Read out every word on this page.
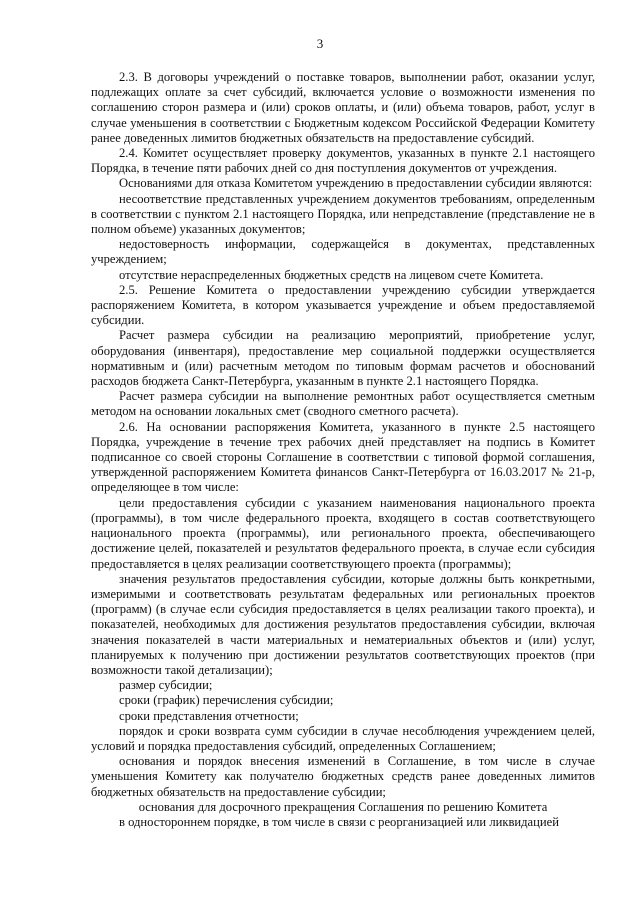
3

2.3. В договоры учреждений о поставке товаров, выполнении работ, оказании услуг, подлежащих оплате за счет субсидий, включается условие о возможности изменения по соглашению сторон размера и (или) сроков оплаты, и (или) объема товаров, работ, услуг в случае уменьшения в соответствии с Бюджетным кодексом Российской Федерации Комитету ранее доведенных лимитов бюджетных обязательств на предоставление субсидий.

2.4. Комитет осуществляет проверку документов, указанных в пункте 2.1 настоящего Порядка, в течение пяти рабочих дней со дня поступления документов от учреждения.

Основаниями для отказа Комитетом учреждению в предоставлении субсидии являются:

несоответствие представленных учреждением документов требованиям, определенным в соответствии с пунктом 2.1 настоящего Порядка, или непредставление (представление не в полном объеме) указанных документов;

недостоверность информации, содержащейся в документах, представленных учреждением;

отсутствие нераспределенных бюджетных средств на лицевом счете Комитета.

2.5. Решение Комитета о предоставлении учреждению субсидии утверждается распоряжением Комитета, в котором указывается учреждение и объем предоставляемой субсидии.

Расчет размера субсидии на реализацию мероприятий, приобретение услуг, оборудования (инвентаря), предоставление мер социальной поддержки осуществляется нормативным и (или) расчетным методом по типовым формам расчетов и обоснований расходов бюджета Санкт-Петербурга, указанным в пункте 2.1 настоящего Порядка.

Расчет размера субсидии на выполнение ремонтных работ осуществляется сметным методом на основании локальных смет (сводного сметного расчета).

2.6. На основании распоряжения Комитета, указанного в пункте 2.5 настоящего Порядка, учреждение в течение трех рабочих дней представляет на подпись в Комитет подписанное со своей стороны Соглашение в соответствии с типовой формой соглашения, утвержденной распоряжением Комитета финансов Санкт-Петербурга от 16.03.2017 № 21-р, определяющее в том числе:

цели предоставления субсидии с указанием наименования национального проекта (программы), в том числе федерального проекта, входящего в состав соответствующего национального проекта (программы), или регионального проекта, обеспечивающего достижение целей, показателей и результатов федерального проекта, в случае если субсидия предоставляется в целях реализации соответствующего проекта (программы);

значения результатов предоставления субсидии, которые должны быть конкретными, измеримыми и соответствовать результатам федеральных или региональных проектов (программ) (в случае если субсидия предоставляется в целях реализации такого проекта), и показателей, необходимых для достижения результатов предоставления субсидии, включая значения показателей в части материальных и нематериальных объектов и (или) услуг, планируемых к получению при достижении результатов соответствующих проектов (при возможности такой детализации);

размер субсидии;

сроки (график) перечисления субсидии;

сроки представления отчетности;

порядок и сроки возврата сумм субсидии в случае несоблюдения учреждением целей, условий и порядка предоставления субсидий, определенных Соглашением;

основания и порядок внесения изменений в Соглашение, в том числе в случае уменьшения Комитету как получателю бюджетных средств ранее доведенных лимитов бюджетных обязательств на предоставление субсидии;

основания для досрочного прекращения Соглашения по решению Комитета

в одностороннем порядке, в том числе в связи с реорганизацией или ликвидацией
